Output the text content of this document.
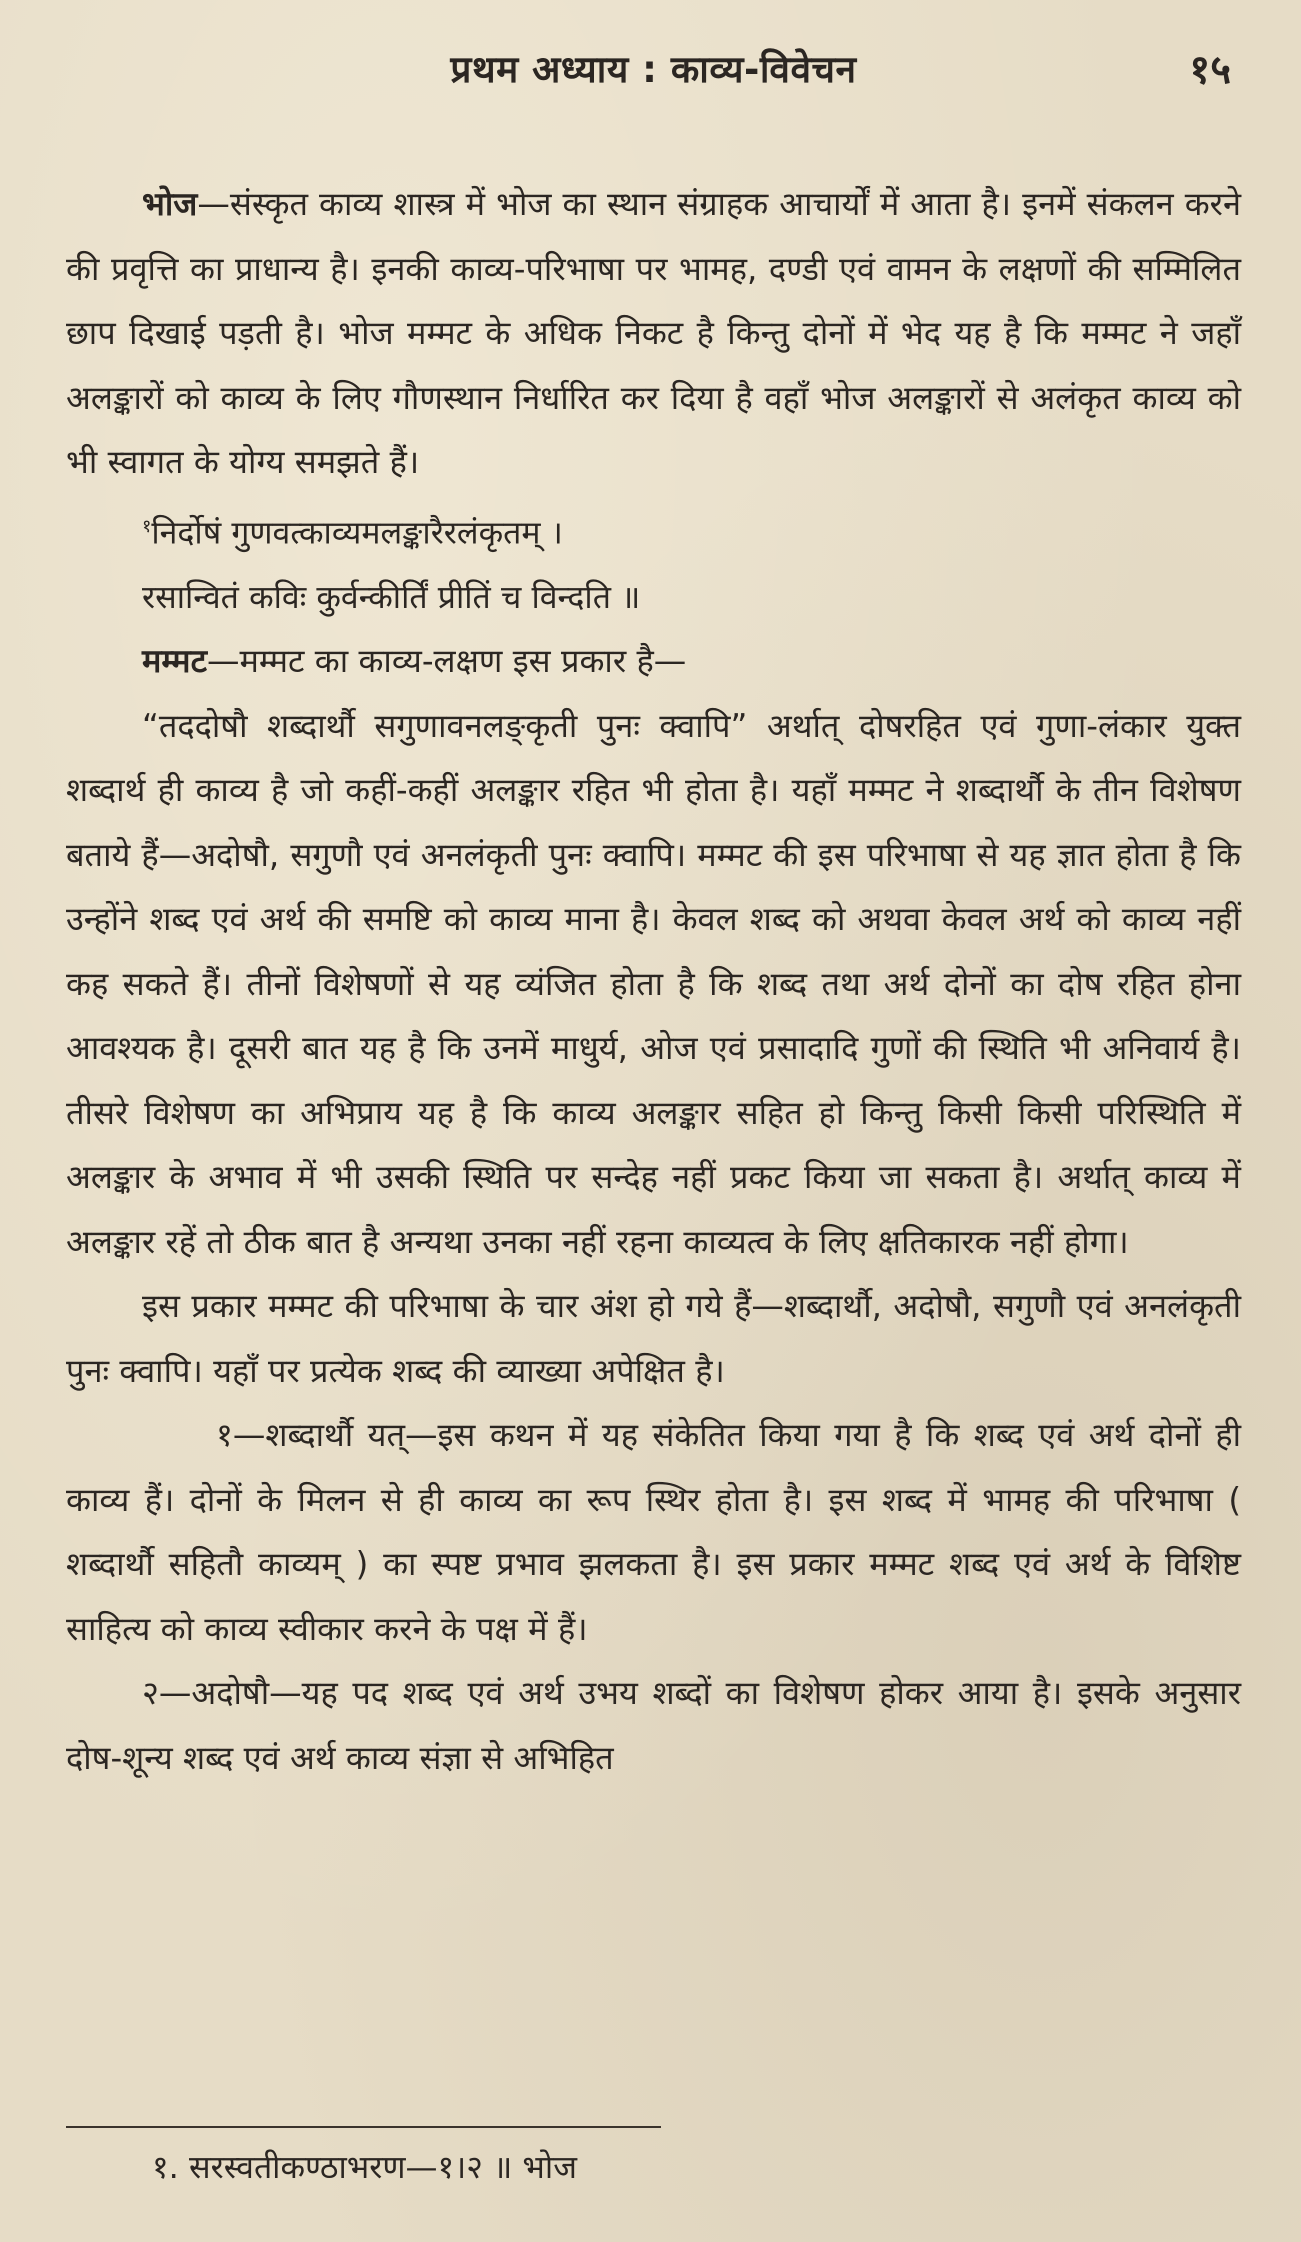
प्रथम अध्याय : काव्य-विवेचन	१५

भोज—संस्कृत काव्य शास्त्र में भोज का स्थान संग्राहक आचार्यों में आता है। इनमें संकलन करने की प्रवृत्ति का प्राधान्य है। इनकी काव्य-परिभाषा पर भामह, दण्डी एवं वामन के लक्षणों की सम्मिलित छाप दिखाई पड़ती है। भोज मम्मट के अधिक निकट है किन्तु दोनों में भेद यह है कि मम्मट ने जहाँ अलङ्कारों को काव्य के लिए गौणस्थान निर्धारित कर दिया है वहाँ भोज अलङ्कारों से अलंकृत काव्य को भी स्वागत के योग्य समझते हैं।

$^१$निर्दोषं गुणवत्काव्यमलङ्कारैरलंकृतम् ।
रसान्वितं कविः कुर्वन्कीर्तिं प्रीतिं च विन्दति ॥

मम्मट—मम्मट का काव्य-लक्षण इस प्रकार है—

“तददोषौ शब्दार्थौ सगुणावनलङ्कृती पुनः क्वापि” अर्थात् दोषरहित एवं गुणा-लंकार युक्त शब्दार्थ ही काव्य है जो कहीं-कहीं अलङ्कार रहित भी होता है। यहाँ मम्मट ने शब्दार्थौ के तीन विशेषण बताये हैं—अदोषौ, सगुणौ एवं अनलंकृती पुनः क्वापि। मम्मट की इस परिभाषा से यह ज्ञात होता है कि उन्होंने शब्द एवं अर्थ की समष्टि को काव्य माना है। केवल शब्द को अथवा केवल अर्थ को काव्य नहीं कह सकते हैं। तीनों विशेषणों से यह व्यंजित होता है कि शब्द तथा अर्थ दोनों का दोष रहित होना आवश्यक है। दूसरी बात यह है कि उनमें माधुर्य, ओज एवं प्रसादादि गुणों की स्थिति भी अनिवार्य है। तीसरे विशेषण का अभिप्राय यह है कि काव्य अलङ्कार सहित हो किन्तु किसी किसी परिस्थिति में अलङ्कार के अभाव में भी उसकी स्थिति पर सन्देह नहीं प्रकट किया जा सकता है। अर्थात् काव्य में अलङ्कार रहें तो ठीक बात है अन्यथा उनका नहीं रहना काव्यत्व के लिए क्षतिकारक नहीं होगा।

इस प्रकार मम्मट की परिभाषा के चार अंश हो गये हैं—शब्दार्थौ, अदोषौ, सगुणौ एवं अनलंकृती पुनः क्वापि। यहाँ पर प्रत्येक शब्द की व्याख्या अपेक्षित है।

१—शब्दार्थौ यत्—इस कथन में यह संकेतित किया गया है कि शब्द एवं अर्थ दोनों ही काव्य हैं। दोनों के मिलन से ही काव्य का रूप स्थिर होता है। इस शब्द में भामह की परिभाषा ( शब्दार्थौ सहितौ काव्यम् ) का स्पष्ट प्रभाव झलकता है। इस प्रकार मम्मट शब्द एवं अर्थ के विशिष्ट साहित्य को काव्य स्वीकार करने के पक्ष में हैं।

२—अदोषौ—यह पद शब्द एवं अर्थ उभय शब्दों का विशेषण होकर आया है। इसके अनुसार दोष-शून्य शब्द एवं अर्थ काव्य संज्ञा से अभिहित

१. सरस्वतीकण्ठाभरण—१।२ ॥ भोज
